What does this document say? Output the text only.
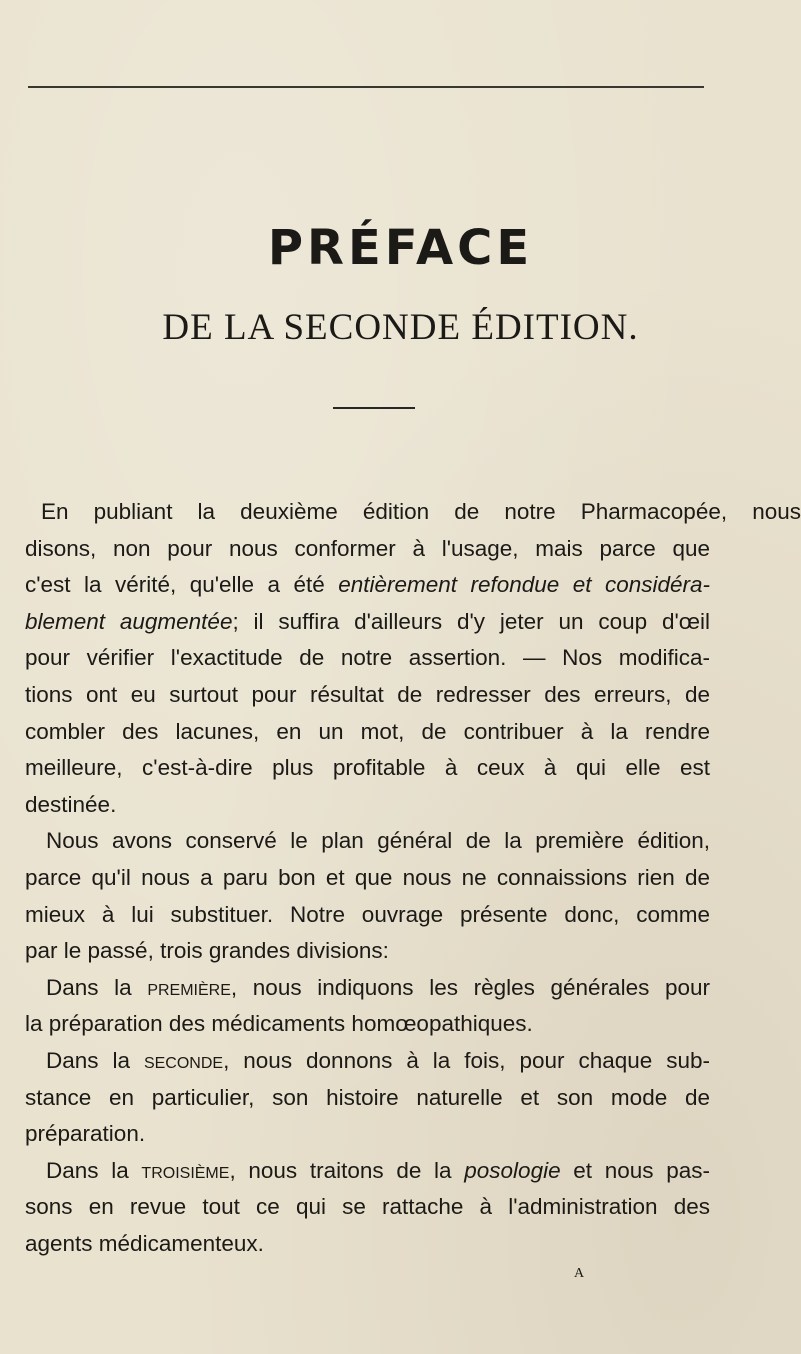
PRÉFACE
DE LA SECONDE ÉDITION.
En publiant la deuxième édition de notre Pharmacopée, nous
disons, non pour nous conformer à l'usage, mais parce que
c'est la vérité, qu'elle a été entièrement refondue et considéra-
blement augmentée; il suffira d'ailleurs d'y jeter un coup d'œil
pour vérifier l'exactitude de notre assertion. — Nos modifica-
tions ont eu surtout pour résultat de redresser des erreurs, de
combler des lacunes, en un mot, de contribuer à la rendre
meilleure, c'est-à-dire plus profitable à ceux à qui elle est
destinée.
Nous avons conservé le plan général de la première édition,
parce qu'il nous a paru bon et que nous ne connaissions rien de
mieux à lui substituer. Notre ouvrage présente donc, comme
par le passé, trois grandes divisions:
Dans la première, nous indiquons les règles générales pour
la préparation des médicaments homœopathiques.
Dans la seconde, nous donnons à la fois, pour chaque sub-
stance en particulier, son histoire naturelle et son mode de
préparation.
Dans la troisième, nous traitons de la posologie et nous pas-
sons en revue tout ce qui se rattache à l'administration des
agents médicamenteux.
A
